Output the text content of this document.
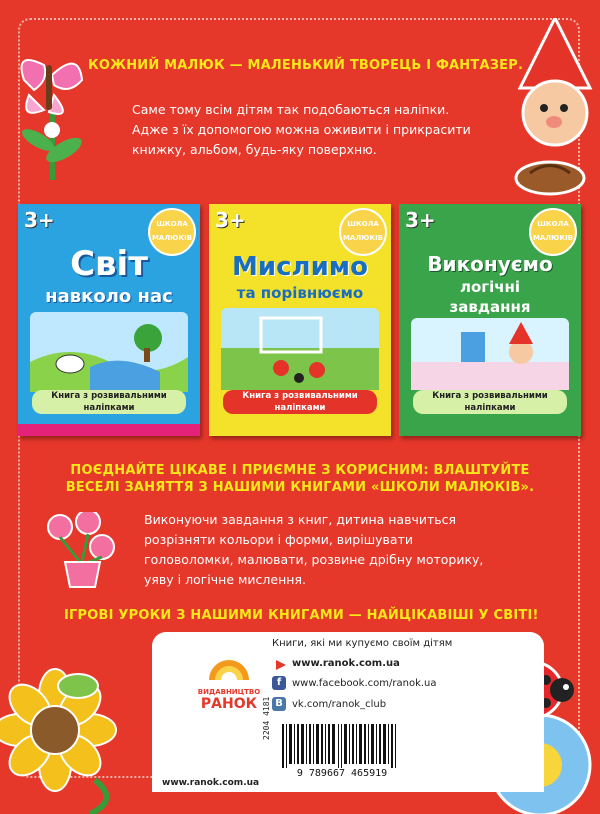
КОЖНИЙ МАЛЮК — МАЛЕНЬКИЙ ТВОРЕЦЬ І ФАНТАЗЕР.
Саме тому всім дітям так подобаються наліпки.
Адже з їх допомогою можна оживити і прикрасити
книжку, альбом, будь-яку поверхню.
3+	ШКОЛА
МАЛЮКІВ
Світ
навколо нас
Книга з розвивальними
наліпками
3+	ШКОЛА
МАЛЮКІВ
Мислимо
та порівнюємо
Книга з розвивальними
наліпками
3+	ШКОЛА
МАЛЮКІВ
Виконуємо
логічні
завдання
Книга з розвивальними
наліпками
ПОЄДНАЙТЕ ЦІКАВЕ І ПРИЄМНЕ З КОРИСНИМ: ВЛАШТУЙТЕ
ВЕСЕЛІ ЗАНЯТТЯ З НАШИМИ КНИГАМИ «ШКОЛИ МАЛЮКІВ».
Виконуючи завдання з книг, дитина навчиться
розрізняти кольори і форми, вирішувати
головоломки, малювати, розвине дрібну моторику,
уяву і логічне мислення.
ІГРОВІ УРОКИ З НАШИМИ КНИГАМИ — НАЙЦІКАВІШІ У СВІТІ!
ВИДАВНИЦТВО
РАНОК
Книги, які ми купуємо своїм дітям
www.ranok.com.ua
f	www.facebook.com/ranok.ua
B vk.com/ranok_club
2204 4181
9 789667 465919
www.ranok.com.ua
